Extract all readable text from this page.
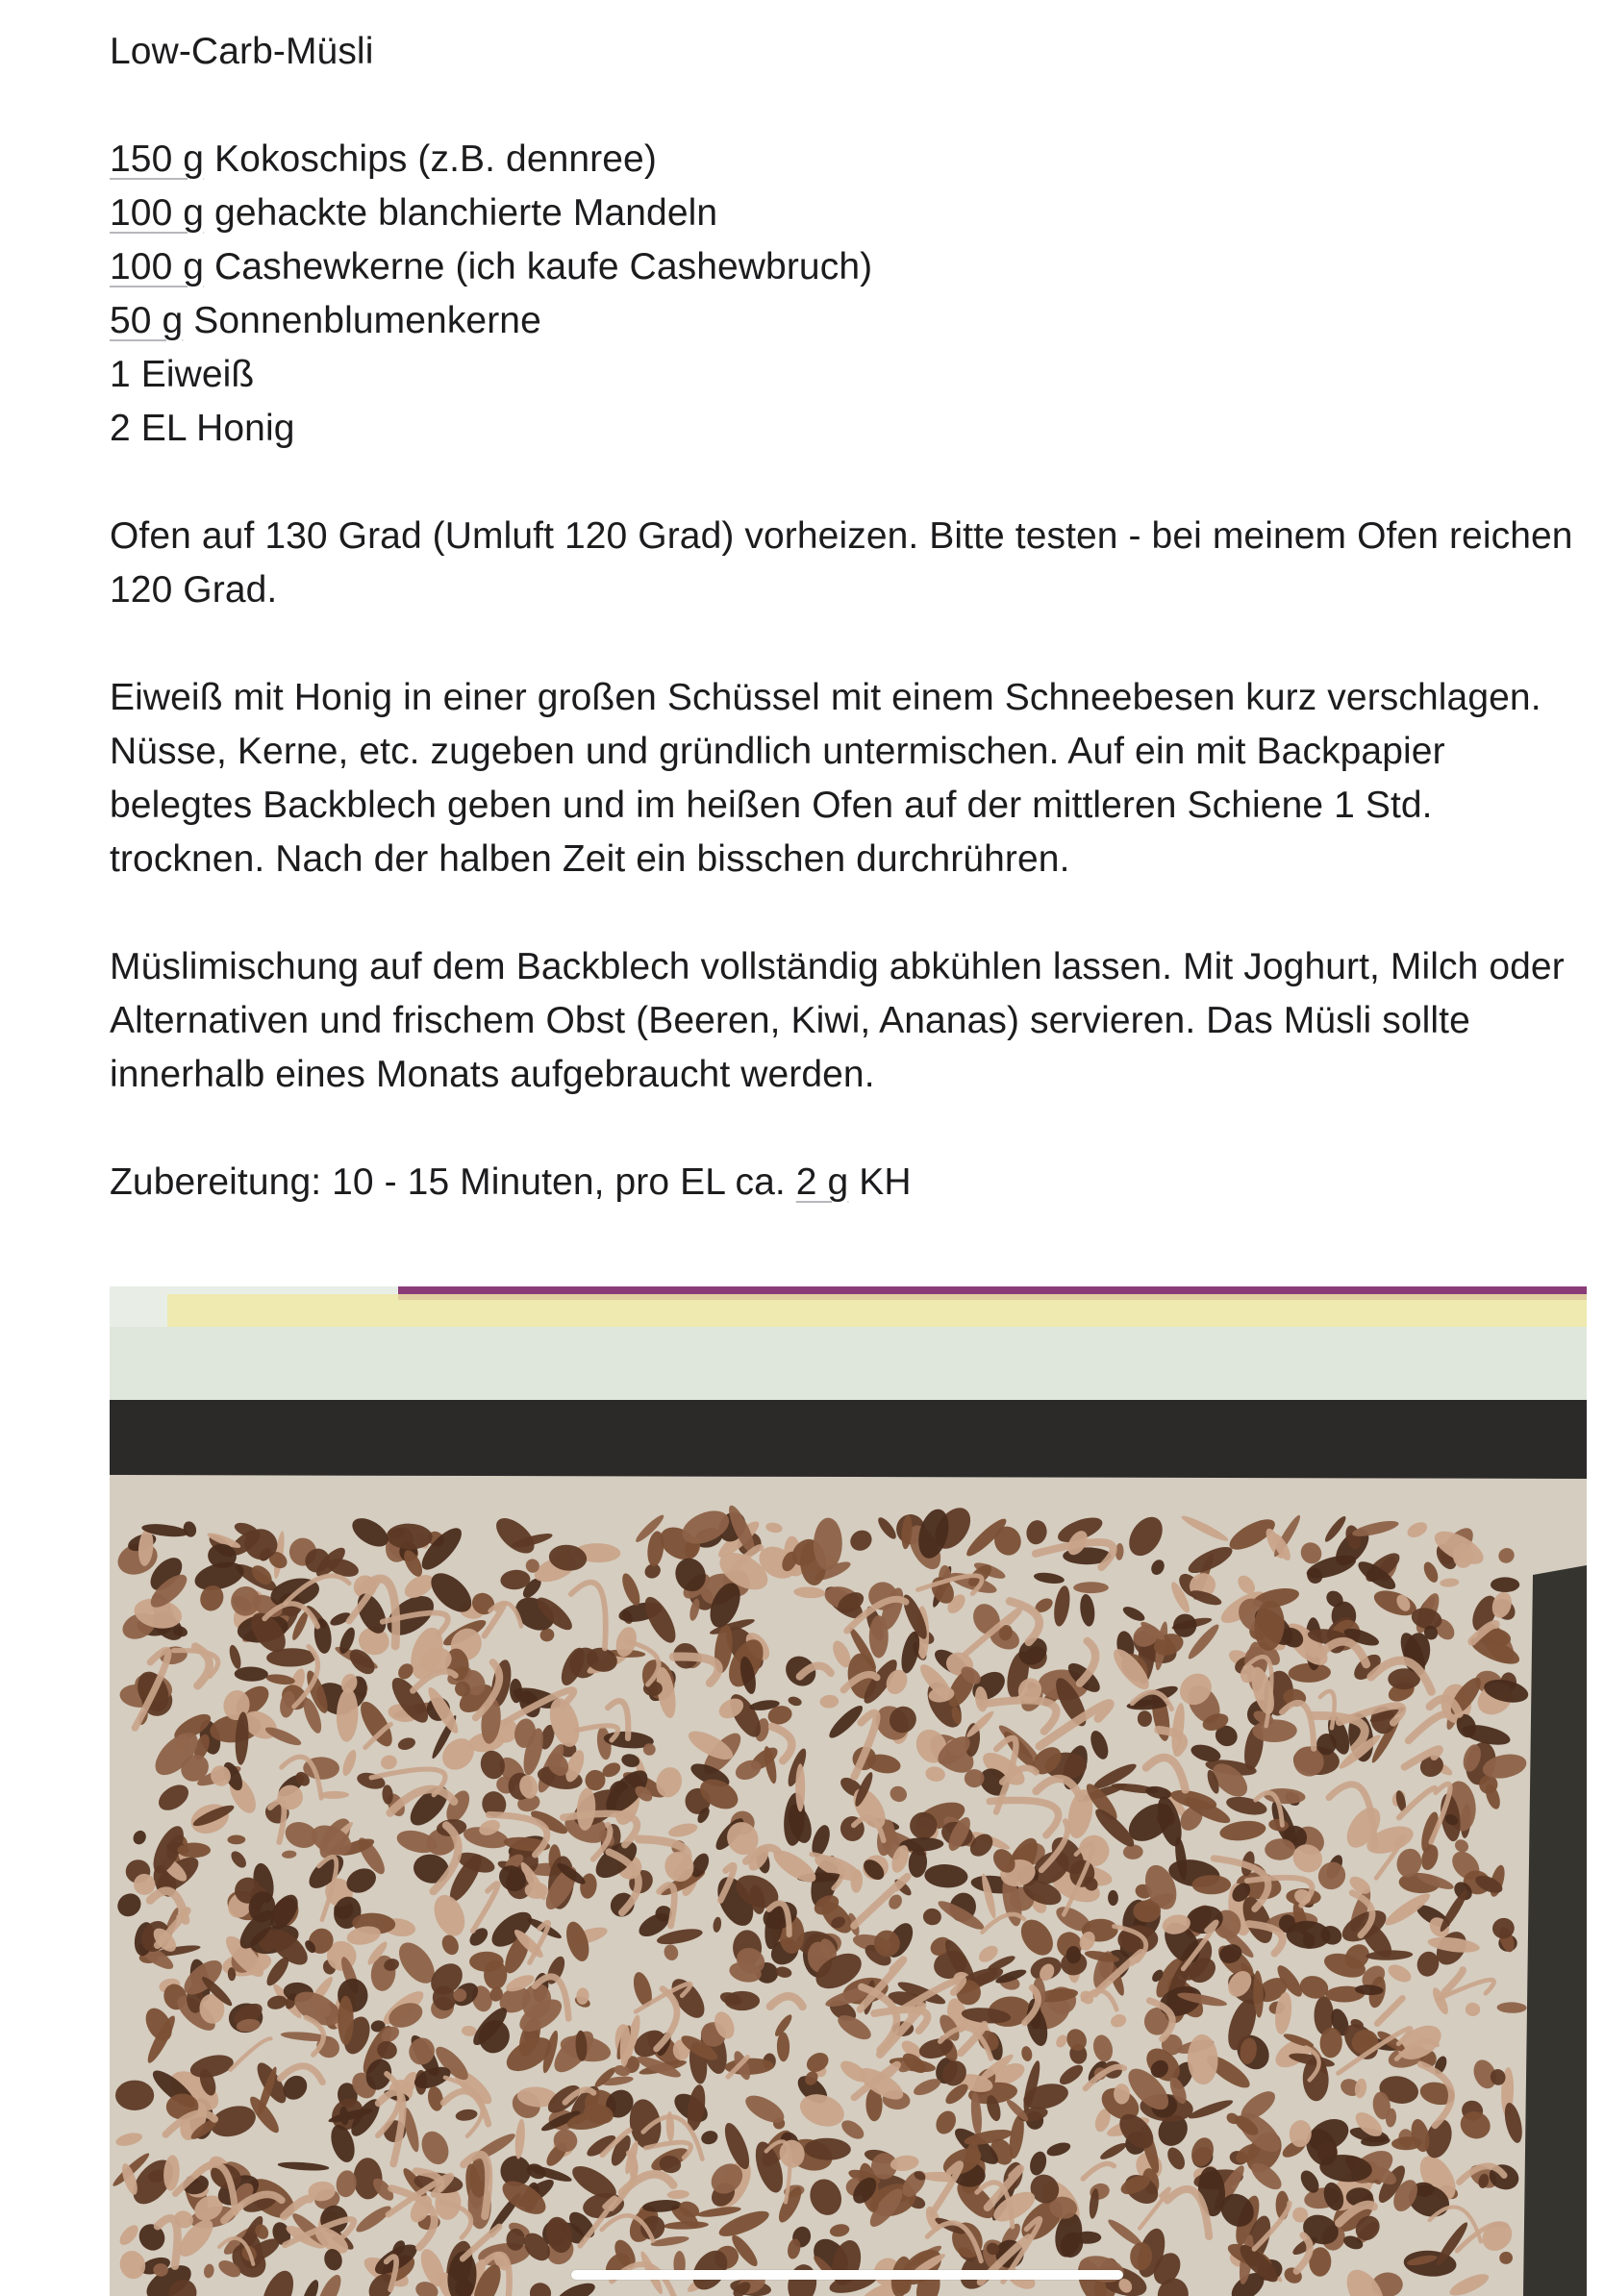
Low-Carb-Müsli
150 g Kokoschips (z.B. dennree)
100 g gehackte blanchierte Mandeln
100 g Cashewkerne (ich kaufe Cashewbruch)
50 g Sonnenblumenkerne
1 Eiweiß
2 EL Honig
Ofen auf 130 Grad (Umluft 120 Grad) vorheizen. Bitte testen - bei meinem Ofen reichen 120 Grad.
Eiweiß mit Honig in einer großen Schüssel mit einem Schneebesen kurz verschlagen. Nüsse, Kerne, etc. zugeben und gründlich untermischen. Auf ein mit Backpapier belegtes Backblech geben und im heißen Ofen auf der mittleren Schiene 1 Std. trocknen. Nach der halben Zeit ein bisschen durchrühren.
Müslimischung auf dem Backblech vollständig abkühlen lassen. Mit Joghurt, Milch oder Alternativen und frischem Obst (Beeren, Kiwi, Ananas) servieren. Das Müsli sollte innerhalb eines Monats aufgebraucht werden.
Zubereitung: 10 - 15 Minuten, pro EL ca. 2 g KH
